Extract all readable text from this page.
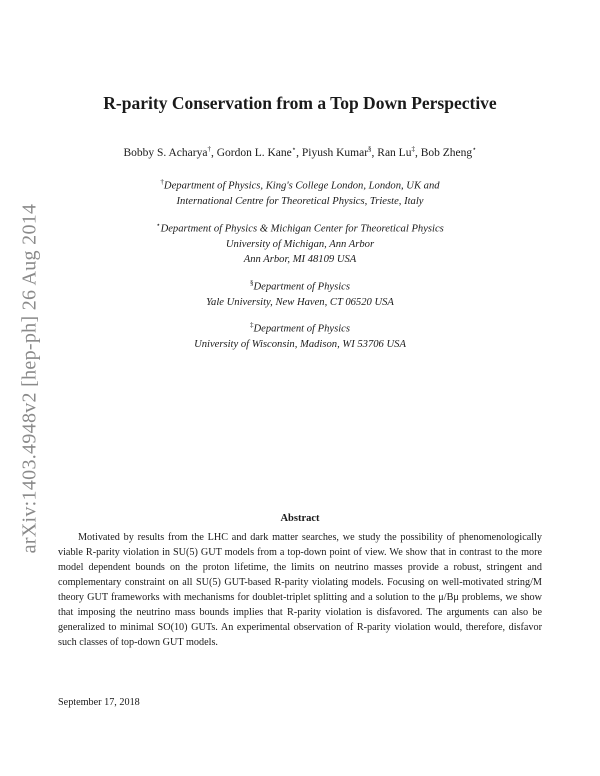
arXiv:1403.4948v2 [hep-ph] 26 Aug 2014
R-parity Conservation from a Top Down Perspective
Bobby S. Acharya†, Gordon L. Kane⋆, Piyush Kumar§, Ran Lu‡, Bob Zheng⋆
†Department of Physics, King's College London, London, UK and
International Centre for Theoretical Physics, Trieste, Italy
⋆Department of Physics & Michigan Center for Theoretical Physics
University of Michigan, Ann Arbor
Ann Arbor, MI 48109 USA
§Department of Physics
Yale University, New Haven, CT 06520 USA
‡Department of Physics
University of Wisconsin, Madison, WI 53706 USA
Abstract

Motivated by results from the LHC and dark matter searches, we study the possibility of phenomenologically viable R-parity violation in SU(5) GUT models from a top-down point of view. We show that in contrast to the more model dependent bounds on the proton lifetime, the limits on neutrino masses provide a robust, stringent and complementary constraint on all SU(5) GUT-based R-parity violating models. Focusing on well-motivated string/M theory GUT frameworks with mechanisms for doublet-triplet splitting and a solution to the μ/Bμ problems, we show that imposing the neutrino mass bounds implies that R-parity violation is disfavored. The arguments can also be generalized to minimal SO(10) GUTs. An experimental observation of R-parity violation would, therefore, disfavor such classes of top-down GUT models.

September 17, 2018
